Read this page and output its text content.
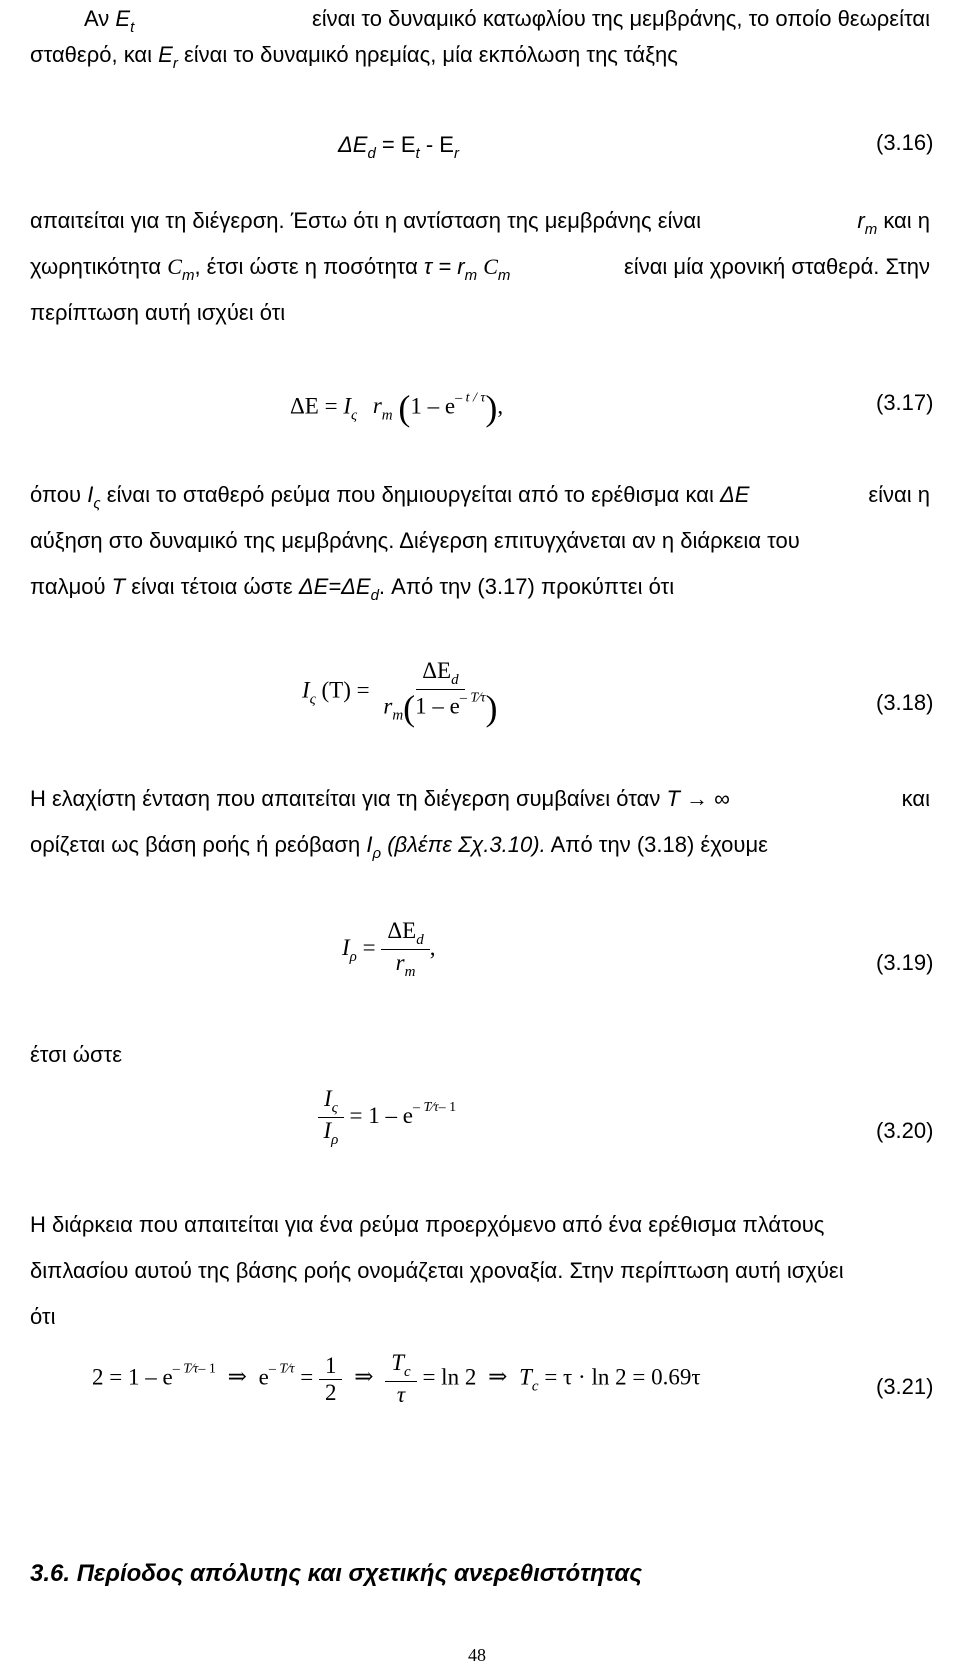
Αν $E_t$	είναι το δυναμικό κατωφλίου της μεμβράνης, το οποίο θεωρείται
σταθερό, και $E_r$ είναι το δυναμικό ηρεμίας, μία εκπόλωση της τάξης
$\Delta E_d = E_t - E_r$	(3.16)
απαιτείται για τη διέγερση. Έστω ότι η αντίσταση της μεμβράνης είναι	$r_m$ και η
χωρητικότητα $C_m$, έτσι ώστε η ποσότητα $\tau = r_m$ $C_m$	είναι μία χρονική σταθερά. Στην
περίπτωση αυτή ισχύει ότι
$\Delta E = I_\varsigma$ $r_m$ $(1 - e^{- t / \tau})$,	(3.17)
όπου $I_\varsigma$ είναι το σταθερό ρεύμα που δημιουργείται από το ερέθισμα και ΔE	είναι η
αύξηση στο δυναμικό της μεμβράνης. Διέγερση επιτυγχάνεται αν η διάρκεια του
παλμού T είναι τέτοια ώστε $\Delta E=\Delta E_d$. Από την (3.17) προκύπτει ότι
$I_\varsigma$ $(T) = \frac{\Delta E_d}{r_m(1 - e^{- T⁄\tau})}$	(3.18)
Η ελαχίστη ένταση που απαιτείται για τη διέγερση συμβαίνει όταν T → ∞	και
ορίζεται ως βάση ροής ή ρεόβαση $I_\rho$ (βλέπε Σχ.3.10). Από την (3.18) έχουμε
$I_\rho = \frac{\Delta E_d}{r_m}$ ,
(3.19)
έτσι ώστε
$\frac{I_\varsigma}{I_\rho} = 1 - e^{- T⁄\tau- 1}$
(3.20)
Η διάρκεια που απαιτείται για ένα ρεύμα προερχόμενο από ένα ερέθισμα πλάτους
διπλασίου αυτού της βάσης ροής ονομάζεται χροναξία. Στην περίπτωση αυτή ισχύει
ότι
$2 = 1 - e^{- T⁄\tau- 1}$ ⇒ $e^{- T⁄\tau} = \frac{1}{2}$ ⇒ $\frac{T_c}{\tau} = \ln 2$ ⇒ $T_c = \tau \cdot \ln 2 = 0.69\tau$	(3.21)
3.6. Περίοδος απόλυτης και σχετικής ανερεθιστότητας
48
